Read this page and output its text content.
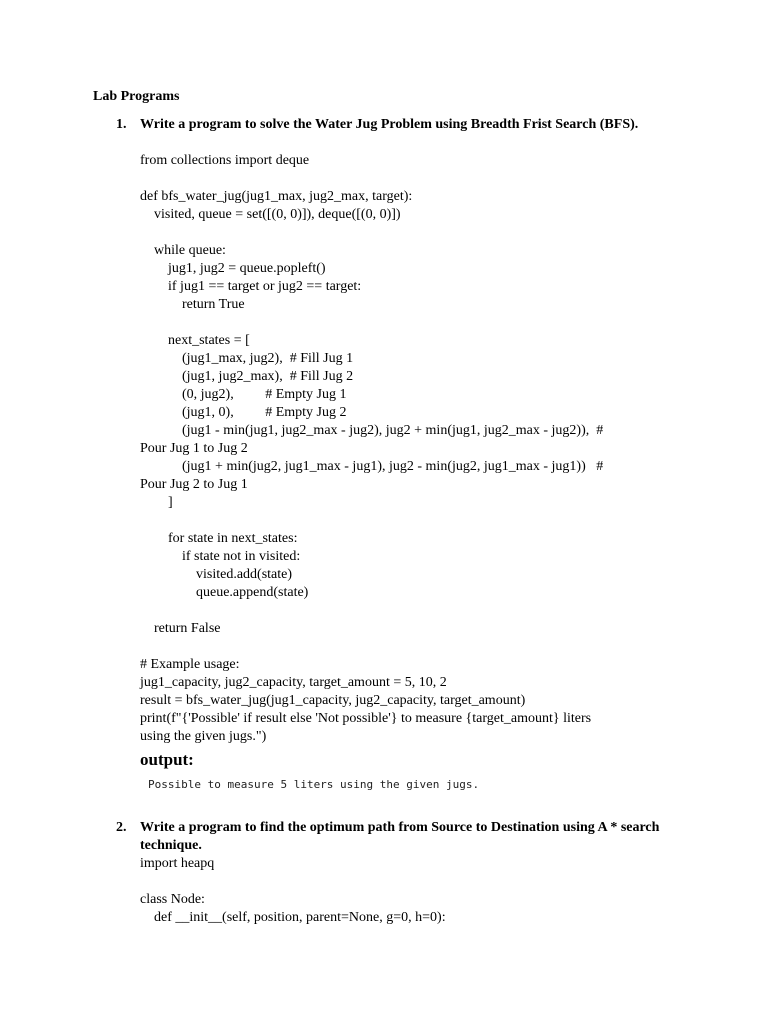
Lab Programs
1. Write a program to solve the Water Jug Problem using Breadth Frist Search (BFS).
from collections import deque
def bfs_water_jug(jug1_max, jug2_max, target):
visited, queue = set([(0, 0)]), deque([(0, 0)])
while queue:
jug1, jug2 = queue.popleft()
if jug1 == target or jug2 == target:
return True
next_states = [
(jug1_max, jug2),  # Fill Jug 1
(jug1, jug2_max),  # Fill Jug 2
(0, jug2),         # Empty Jug 1
(jug1, 0),         # Empty Jug 2
(jug1 - min(jug1, jug2_max - jug2), jug2 + min(jug1, jug2_max - jug2)),  #
Pour Jug 1 to Jug 2
(jug1 + min(jug2, jug1_max - jug1), jug2 - min(jug2, jug1_max - jug1))   #
Pour Jug 2 to Jug 1
]
for state in next_states:
if state not in visited:
visited.add(state)
queue.append(state)
return False
# Example usage:
jug1_capacity, jug2_capacity, target_amount = 5, 10, 2
result = bfs_water_jug(jug1_capacity, jug2_capacity, target_amount)
print(f"{'Possible' if result else 'Not possible'} to measure {target_amount} liters
using the given jugs.")
output:
Possible to measure 5 liters using the given jugs.
2. Write a program to find the optimum path from Source to Destination using A * search technique.
import heapq
class Node:
def __init__(self, position, parent=None, g=0, h=0):
